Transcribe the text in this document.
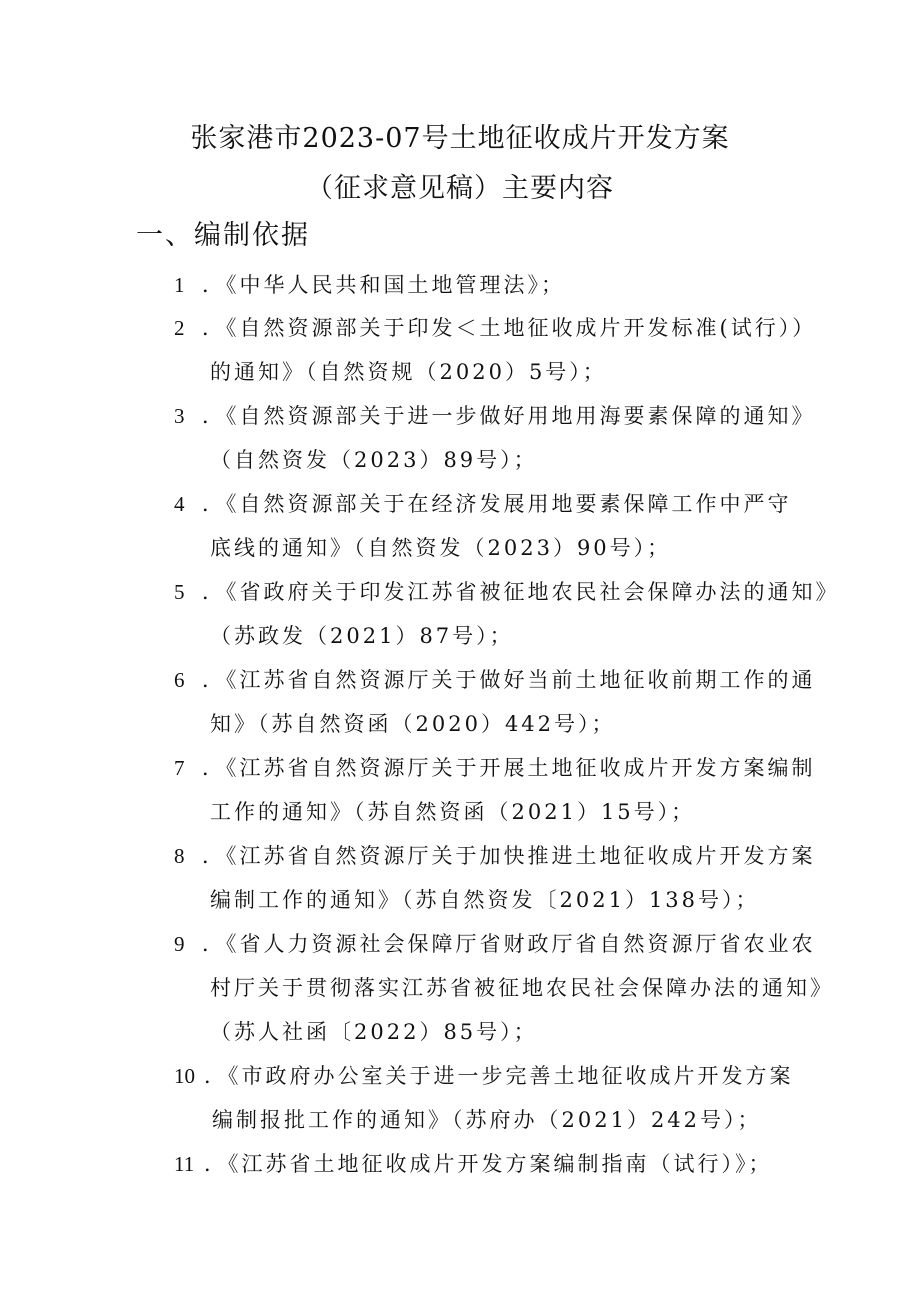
张家港市2023-07号土地征收成片开发方案
（征求意见稿）主要内容
一、编制依据
1 ．《中华人民共和国土地管理法》；
2 ．《自然资源部关于印发＜土地征收成片开发标准(试行））
的通知》（自然资规（2020）5号）；
3 ．《自然资源部关于进一步做好用地用海要素保障的通知》
（自然资发（2023）89号）；
4 ．《自然资源部关于在经济发展用地要素保障工作中严守
底线的通知》（自然资发（2023）90号）；
5 ．《省政府关于印发江苏省被征地农民社会保障办法的通知》
（苏政发（2021）87号）；
6 ．《江苏省自然资源厅关于做好当前土地征收前期工作的通
知》（苏自然资函（2020）442号）；
7 ．《江苏省自然资源厅关于开展土地征收成片开发方案编制
工作的通知》（苏自然资函（2021）15号）；
8 ．《江苏省自然资源厅关于加快推进土地征收成片开发方案
编制工作的通知》（苏自然资发〔2021）138号）；
9 ．《省人力资源社会保障厅省财政厅省自然资源厅省农业农
村厅关于贯彻落实江苏省被征地农民社会保障办法的通知》
（苏人社函〔2022）85号）；
10 ．《市政府办公室关于进一步完善土地征收成片开发方案
编制报批工作的通知》（苏府办（2021）242号）；
11 ．《江苏省土地征收成片开发方案编制指南（试行）》；
